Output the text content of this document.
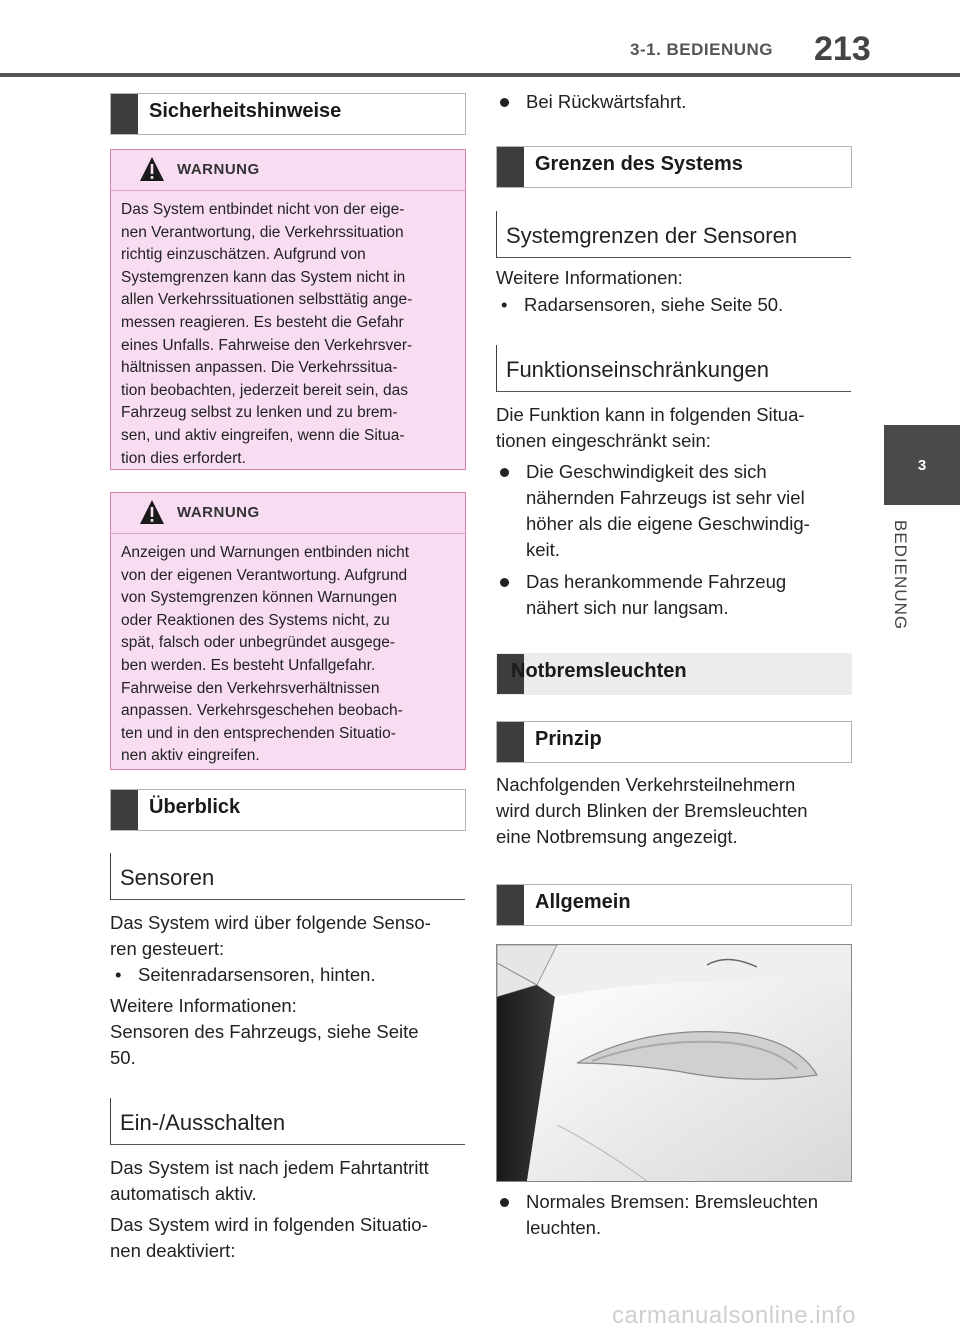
3-1. BEDIENUNG 213
3
BEDIENUNG
Sicherheitshinweise
WARNUNG
Das System entbindet nicht von der eige-
nen Verantwortung, die Verkehrssituation
richtig einzuschätzen. Aufgrund von
Systemgrenzen kann das System nicht in
allen Verkehrssituationen selbsttätig ange-
messen reagieren. Es besteht die Gefahr
eines Unfalls. Fahrweise den Verkehrsver-
hältnissen anpassen. Die Verkehrssitua-
tion beobachten, jederzeit bereit sein, das
Fahrzeug selbst zu lenken und zu brem-
sen, und aktiv eingreifen, wenn die Situa-
tion dies erfordert.
WARNUNG
Anzeigen und Warnungen entbinden nicht
von der eigenen Verantwortung. Aufgrund
von Systemgrenzen können Warnungen
oder Reaktionen des Systems nicht, zu
spät, falsch oder unbegründet ausgege-
ben werden. Es besteht Unfallgefahr.
Fahrweise den Verkehrsverhältnissen
anpassen. Verkehrsgeschehen beobach-
ten und in den entsprechenden Situatio-
nen aktiv eingreifen.
Überblick
Sensoren
Das System wird über folgende Senso-
ren gesteuert:
• Seitenradarsensoren, hinten.
Weitere Informationen:
Sensoren des Fahrzeugs, siehe Seite
50.
Ein-/Ausschalten
Das System ist nach jedem Fahrtantritt
automatisch aktiv.
Das System wird in folgenden Situatio-
nen deaktiviert:
Bei Rückwärtsfahrt.
Grenzen des Systems
Systemgrenzen der Sensoren
Weitere Informationen:
• Radarsensoren, siehe Seite 50.
Funktionseinschränkungen
Die Funktion kann in folgenden Situa-
tionen eingeschränkt sein:
Die Geschwindigkeit des sich
nähernden Fahrzeugs ist sehr viel
höher als die eigene Geschwindig-
keit.
Das herankommende Fahrzeug
nähert sich nur langsam.
Notbremsleuchten
Prinzip
Nachfolgenden Verkehrsteilnehmern
wird durch Blinken der Bremsleuchten
eine Notbremsung angezeigt.
Allgemein
Normales Bremsen: Bremsleuchten
leuchten.
carmanualsonline.info
